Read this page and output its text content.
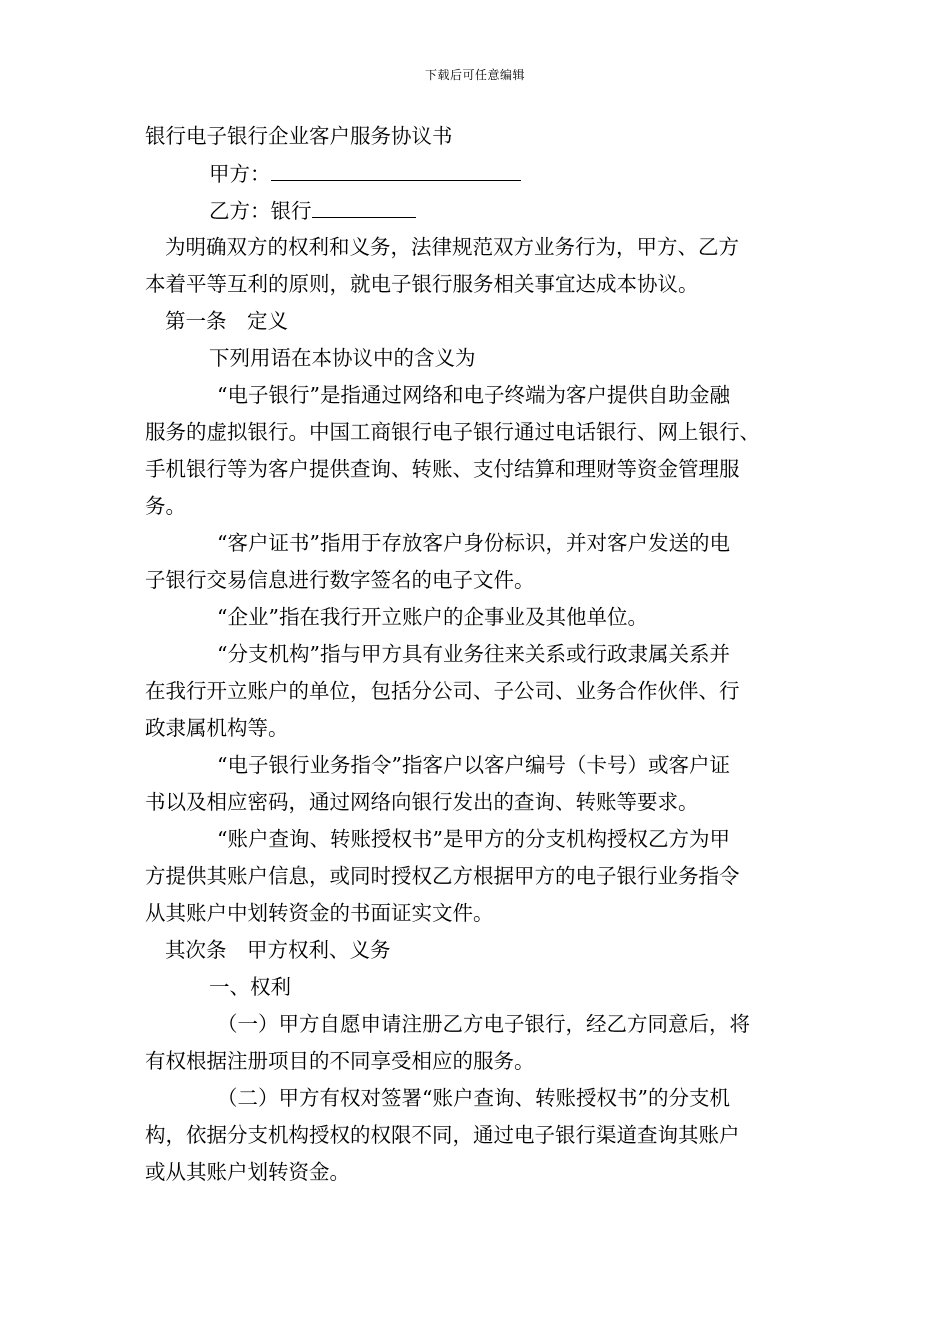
下载后可任意编辑
银行电子银行企业客户服务协议书
甲方：
乙方：银行
为明确双方的权利和义务，法律规范双方业务行为，甲方、乙方
本着平等互利的原则，就电子银行服务相关事宜达成本协议。
第一条　定义
下列用语在本协议中的含义为
“电子银行”是指通过网络和电子终端为客户提供自助金融
服务的虚拟银行。中国工商银行电子银行通过电话银行、网上银行、
手机银行等为客户提供查询、转账、支付结算和理财等资金管理服
务。
“客户证书”指用于存放客户身份标识，并对客户发送的电
子银行交易信息进行数字签名的电子文件。
“企业”指在我行开立账户的企事业及其他单位。
“分支机构”指与甲方具有业务往来关系或行政隶属关系并
在我行开立账户的单位，包括分公司、子公司、业务合作伙伴、行
政隶属机构等。
“电子银行业务指令”指客户以客户编号（卡号）或客户证
书以及相应密码，通过网络向银行发出的查询、转账等要求。
“账户查询、转账授权书”是甲方的分支机构授权乙方为甲
方提供其账户信息，或同时授权乙方根据甲方的电子银行业务指令
从其账户中划转资金的书面证实文件。
其次条　甲方权利、义务
一、权利
（一）甲方自愿申请注册乙方电子银行，经乙方同意后，将
有权根据注册项目的不同享受相应的服务。
（二）甲方有权对签署“账户查询、转账授权书”的分支机
构，依据分支机构授权的权限不同，通过电子银行渠道查询其账户
或从其账户划转资金。
